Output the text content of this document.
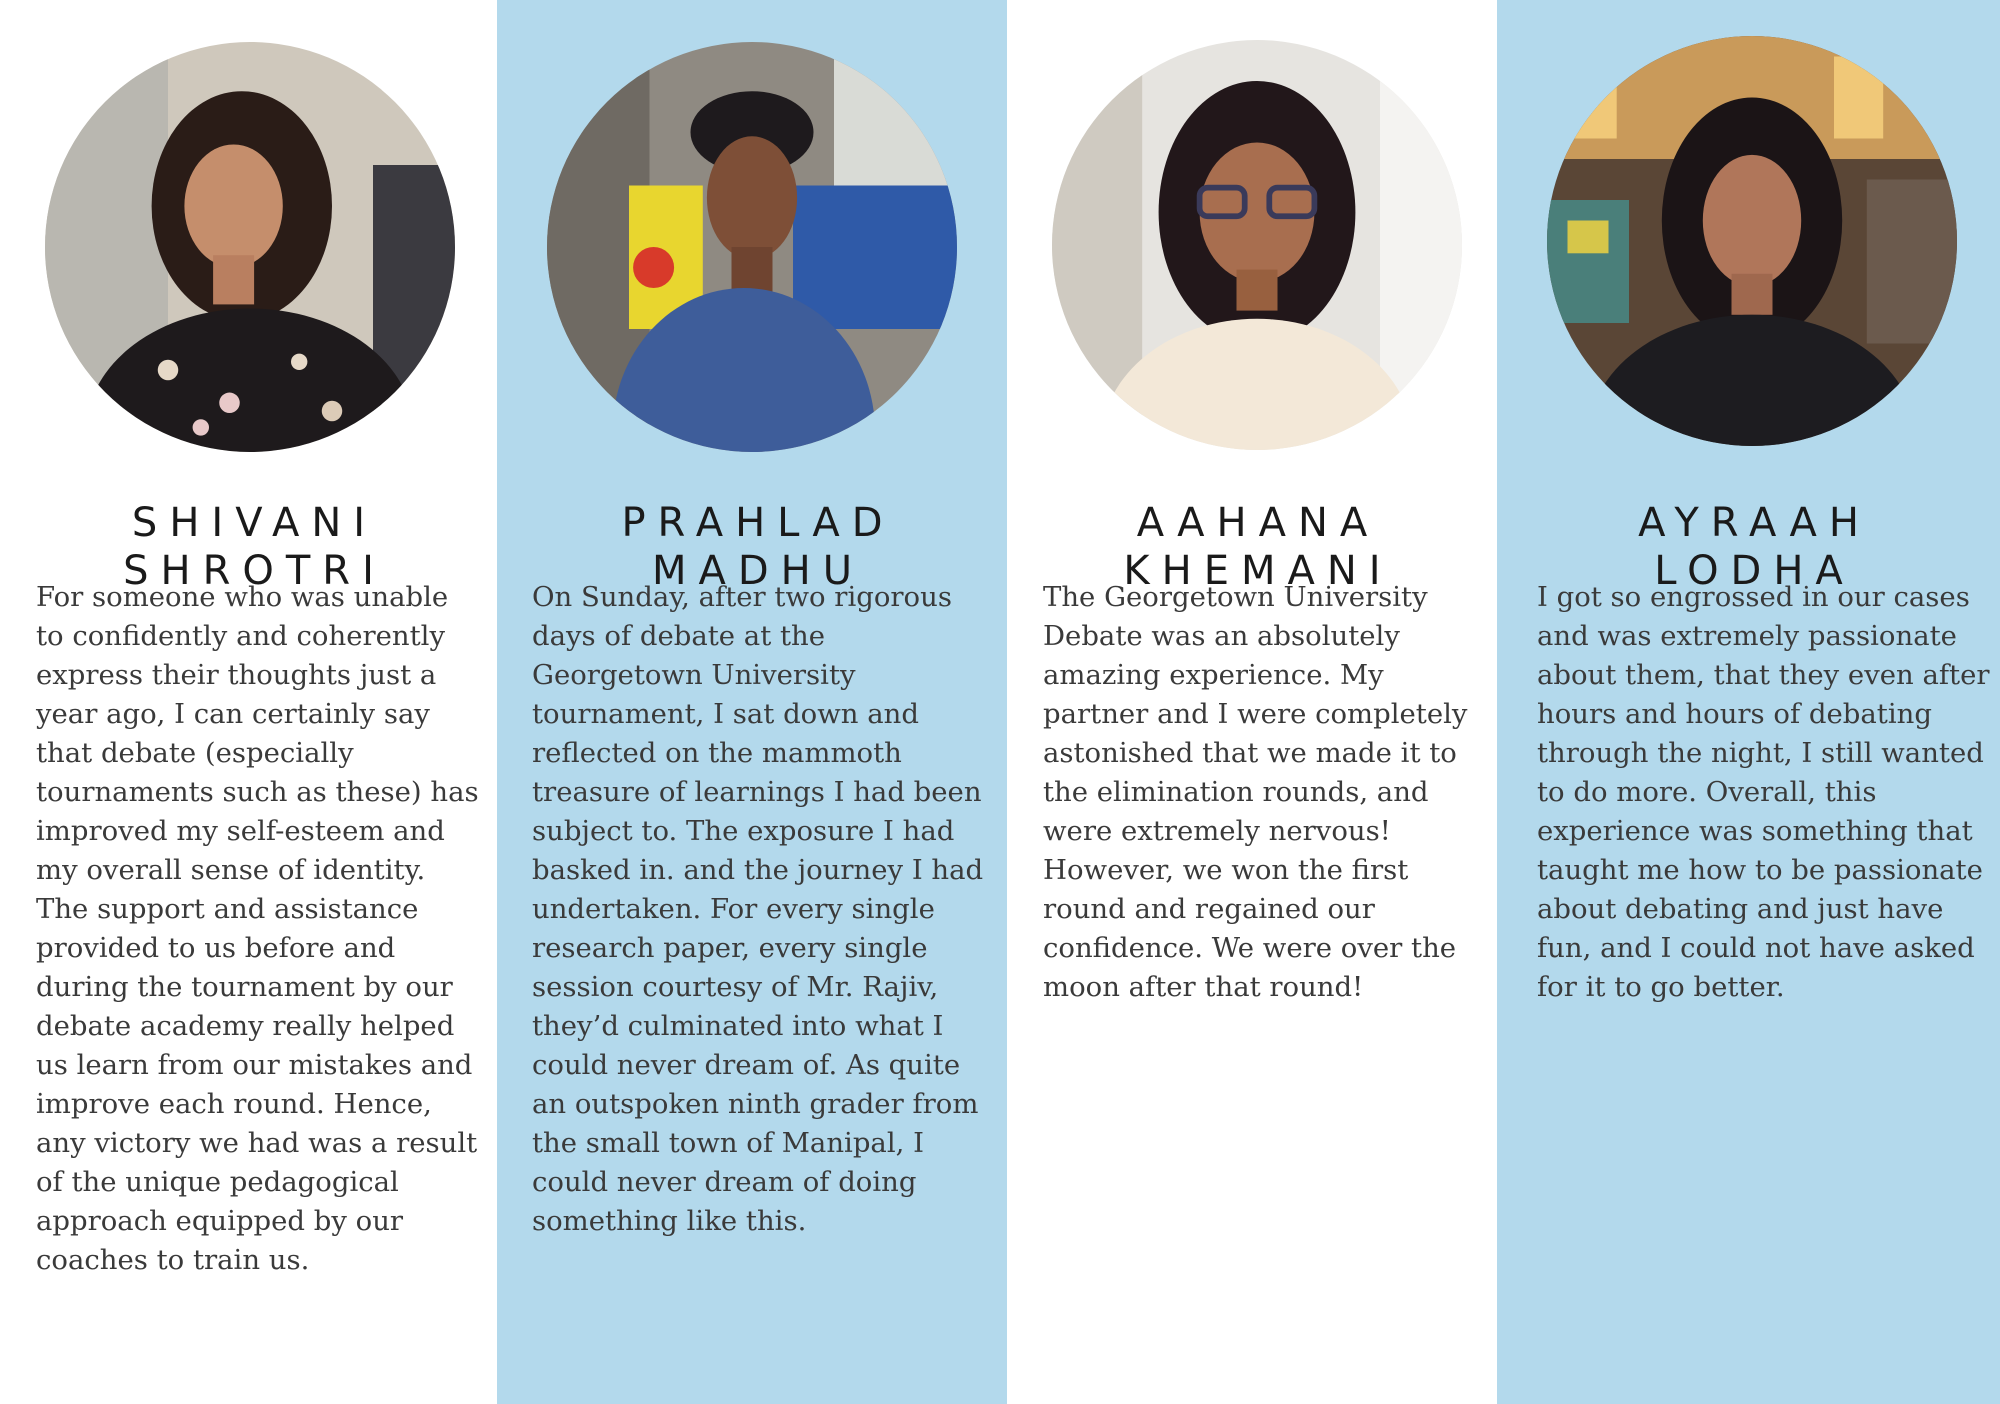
SHIVANI
SHROTRI

For someone who was unable to confidently and coherently express their thoughts just a year ago, I can certainly say that debate (especially tournaments such as these) has improved my self-esteem and my overall sense of identity. The support and assistance provided to us before and during the tournament by our debate academy really helped us learn from our mistakes and improve each round. Hence, any victory we had was a result of the unique pedagogical approach equipped by our coaches to train us.

PRAHLAD
MADHU

On Sunday, after two rigorous days of debate at the Georgetown University tournament, I sat down and reflected on the mammoth treasure of learnings I had been subject to. The exposure I had basked in. and the journey I had undertaken. For every single research paper, every single session courtesy of Mr. Rajiv, they’d culminated into what I could never dream of. As quite an outspoken ninth grader from the small town of Manipal, I could never dream of doing something like this.

AAHANA
KHEMANI

The Georgetown University Debate was an absolutely amazing experience. My partner and I were completely astonished that we made it to the elimination rounds, and were extremely nervous! However, we won the first round and regained our confidence. We were over the moon after that round!

AYRAAH
LODHA

I got so engrossed in our cases and was extremely passionate about them, that they even after hours and hours of debating through the night, I still wanted to do more. Overall, this experience was something that taught me how to be passionate about debating and just have fun, and I could not have asked for it to go better.
